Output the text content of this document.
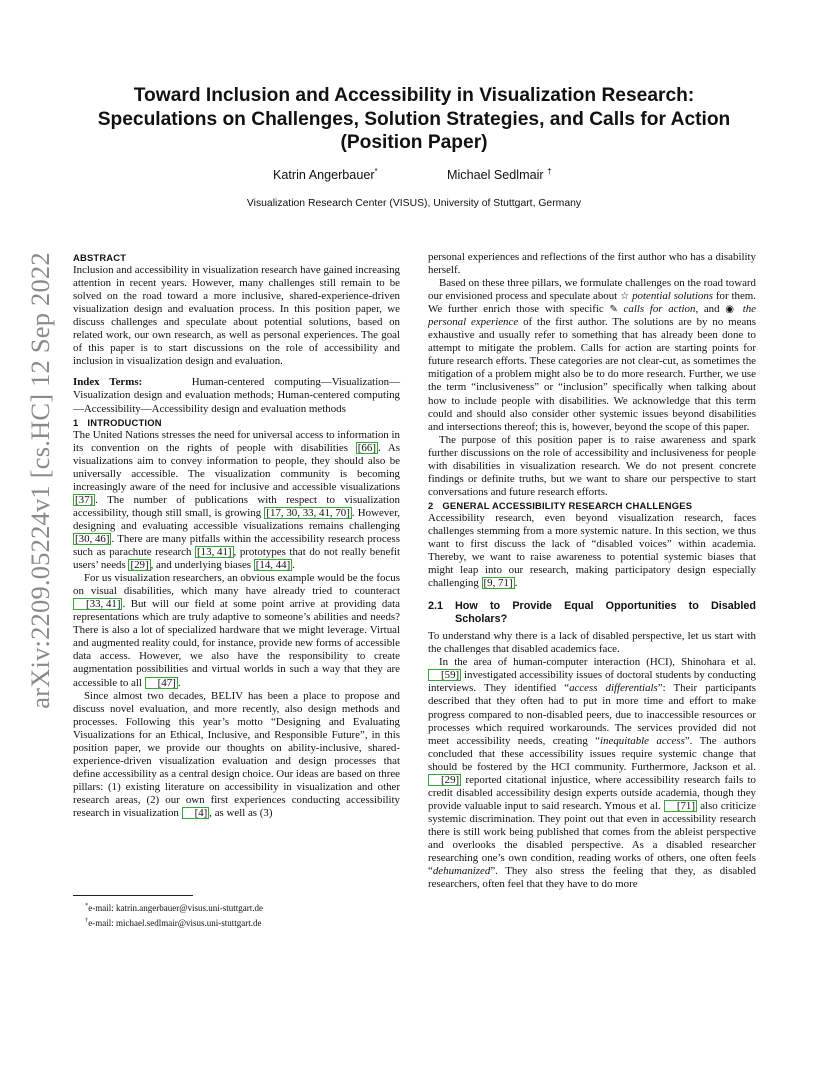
arXiv:2209.05224v1 [cs.HC] 12 Sep 2022
Toward Inclusion and Accessibility in Visualization Research:
Speculations on Challenges, Solution Strategies, and Calls for Action
(Position Paper)
Katrin Angerbauer*	Michael Sedlmair †
Visualization Research Center (VISUS), University of Stuttgart, Germany

ABSTRACT

Inclusion and accessibility in visualization research have gained increasing attention in recent years. However, many challenges still remain to be solved on the road toward a more inclusive, shared-experience-driven visualization design and evaluation process. In this position paper, we discuss challenges and speculate about potential solutions, based on related work, our own research, as well as personal experiences. The goal of this paper is to start discussions on the role of accessibility and inclusion in visualization design and evaluation.

Index Terms:	Human-centered computing—Visualization—Visualization design and evaluation methods; Human-centered computing—Accessibility—Accessibility design and evaluation methods

1 INTRODUCTION

The United Nations stresses the need for universal access to information in its convention on the rights of people with disabilities [66] . As visualizations aim to convey information to people, they should also be universally accessible. The visualization community is becoming increasingly aware of the need for inclusive and accessible visualizations [37] . The number of publications with respect to visualization accessibility, though still small, is growing [17, 30, 33, 41, 70] . However, designing and evaluating accessible visualizations remains challenging [30, 46] . There are many pitfalls within the accessibility research process such as parachute research [13, 41] , prototypes that do not really benefit users’ needs [29] , and underlying biases [14, 44] .

For us visualization researchers, an obvious example would be the focus on visual disabilities, which many have already tried to counteract [33, 41] . But will our field at some point arrive at providing data representations which are truly adaptive to someone’s abilities and needs? There is also a lot of specialized hardware that we might leverage. Virtual and augmented reality could, for instance, provide new forms of accessible data access. However, we also have the responsibility to create augmentation possibilities and virtual worlds in such a way that they are accessible to all [47] .

Since almost two decades, BELIV has been a place to propose and discuss novel evaluation, and more recently, also design methods and processes. Following this year’s motto “Designing and Evaluating Visualizations for an Ethical, Inclusive, and Responsible Future”, in this position paper, we provide our thoughts on ability-inclusive, shared-experience-driven visualization evaluation and design processes that define accessibility as a central design choice. Our ideas are based on three pillars: (1) existing literature on accessibility in visualization and other research areas, (2) our own first experiences conducting accessibility research in visualization [4] , as well as (3)

*e-mail: katrin.angerbauer@visus.uni-stuttgart.de
†e-mail: michael.sedlmair@visus.uni-stuttgart.de

personal experiences and reflections of the first author who has a disability herself.

Based on these three pillars, we formulate challenges on the road toward our envisioned process and speculate about ☆ potential solutions for them. We further enrich those with specific ✎ calls for action, and ◉ the personal experience of the first author. The solutions are by no means exhaustive and usually refer to something that has already been done to attempt to mitigate the problem. Calls for action are starting points for future research efforts. These categories are not clear-cut, as sometimes the mitigation of a problem might also be to do more research. Further, we use the term “inclusiveness” or “inclusion” specifically when talking about how to include people with disabilities. We acknowledge that this term could and should also consider other systemic issues beyond disabilities and intersections thereof; this is, however, beyond the scope of this paper.

The purpose of this position paper is to raise awareness and spark further discussions on the role of accessibility and inclusiveness for people with disabilities in visualization research. We do not present concrete findings or definite truths, but we want to share our perspective to start conversations and future research efforts.

2 GENERAL ACCESSIBILITY RESEARCH CHALLENGES

Accessibility research, even beyond visualization research, faces challenges stemming from a more systemic nature. In this section, we thus want to first discuss the lack of “disabled voices” within academia. Thereby, we want to raise awareness to potential systemic biases that might leap into our research, making participatory design especially challenging [9, 71] .

2.1	How to Provide Equal Opportunities to Disabled Scholars?

To understand why there is a lack of disabled perspective, let us start with the challenges that disabled academics face.

In the area of human-computer interaction (HCI), Shinohara et al. [59] investigated accessibility issues of doctoral students by conducting interviews. They identified “access differentials”: Their participants described that they often had to put in more time and effort to make progress compared to non-disabled peers, due to inaccessible resources or processes which required workarounds. The services provided did not meet accessibility needs, creating “inequitable access”. The authors concluded that these accessibility issues require systemic change that should be fostered by the HCI community. Furthermore, Jackson et al. [29] reported citational injustice, where accessibility research fails to credit disabled accessibility design experts outside academia, though they provide valuable input to said research. Ymous et al. [71] also criticize systemic discrimination. They point out that even in accessibility research there is still work being published that comes from the ableist perspective and overlooks the disabled perspective. As a disabled researcher researching one’s own condition, reading works of others, one often feels “dehumanized”. They also stress the feeling that they, as disabled researchers, often feel that they have to do more
